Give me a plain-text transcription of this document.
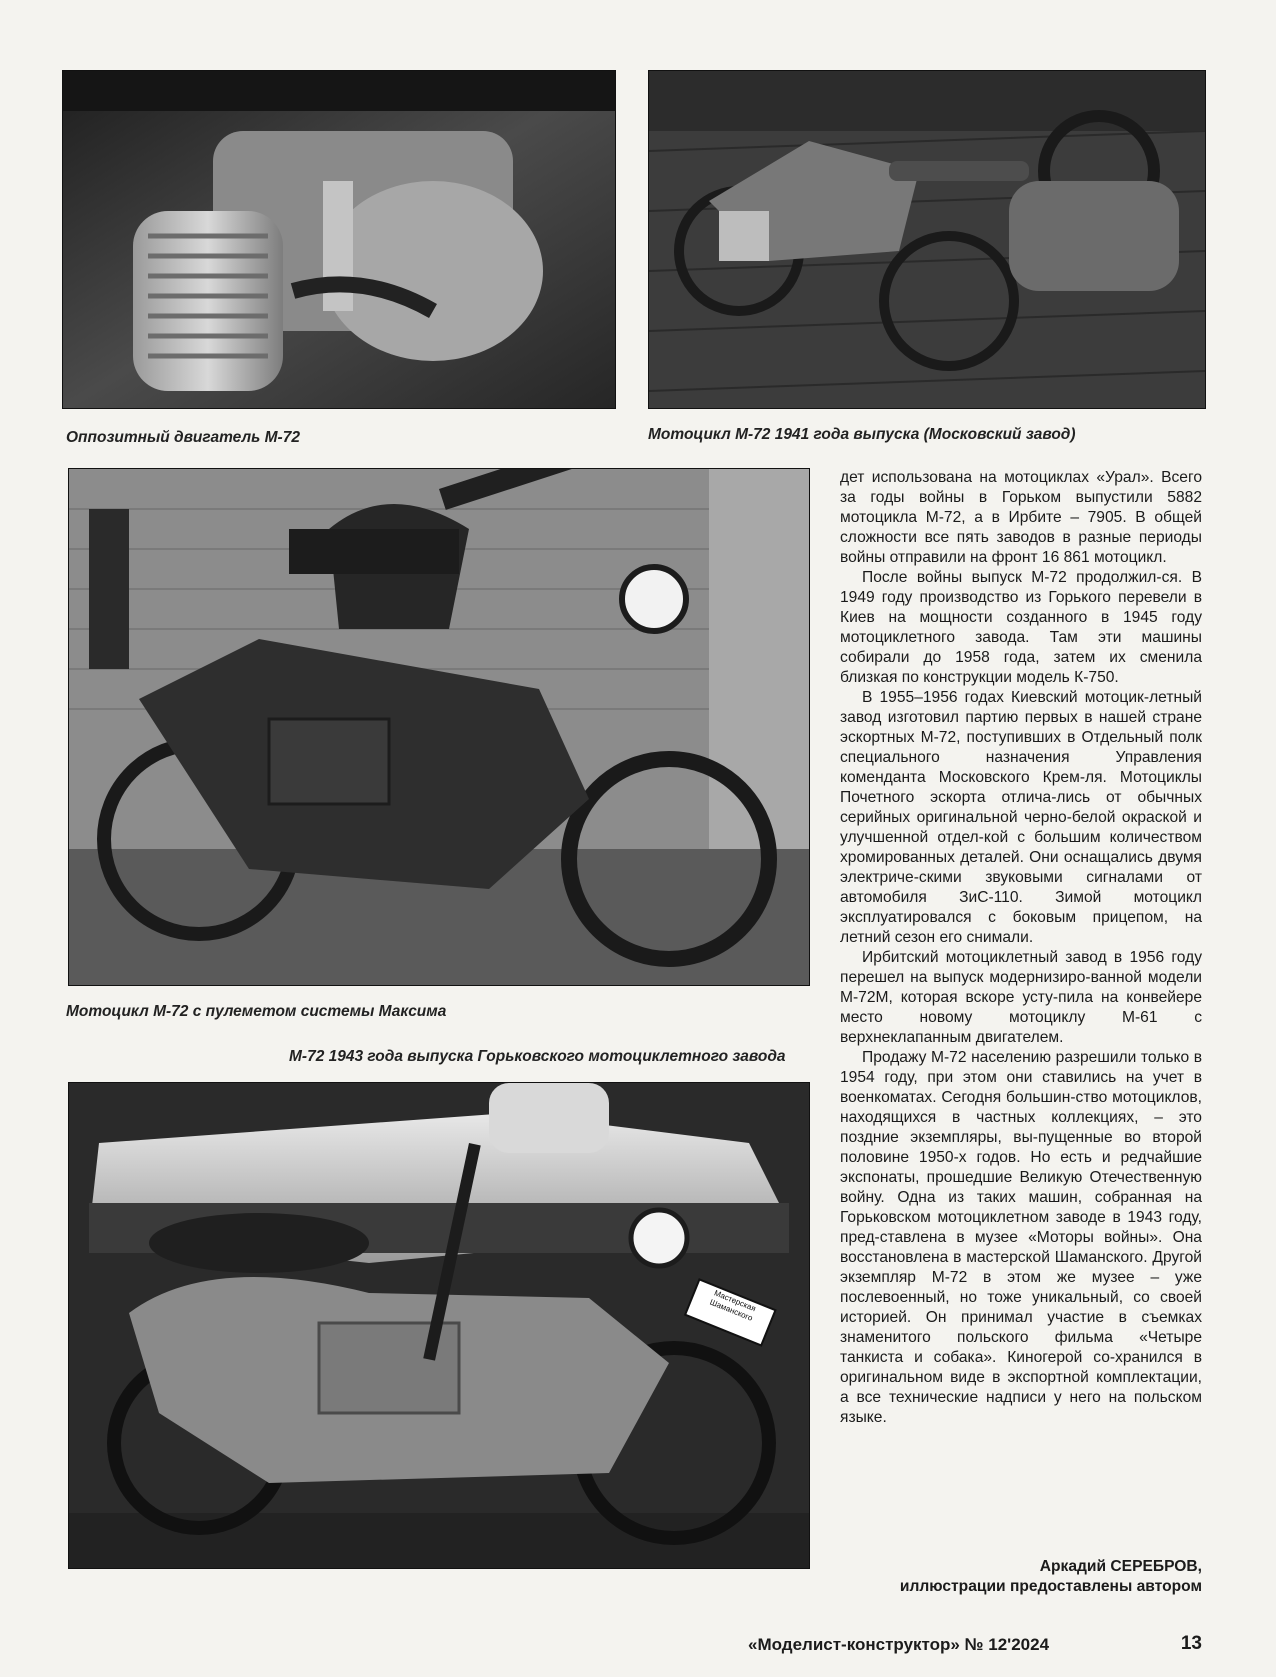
Оппозитный двигатель М-72	Мотоцикл М-72 1941 года выпуска (Московский завод)
Мотоцикл М-72 с пулеметом системы Максима
М-72 1943 года выпуска Горьковского мотоциклетного завода
Мастерская Шаманского

дет использована на мотоциклах «Урал». Всего за годы войны в Горьком выпустили 5882 мотоцикла М-72, а в Ирбите – 7905. В общей сложности все пять заводов в разные периоды войны отправили на фронт 16 861 мотоцикл.

После войны выпуск М-72 продолжил-ся. В 1949 году производство из Горького перевели в Киев на мощности созданного в 1945 году мотоциклетного завода. Там эти машины собирали до 1958 года, затем их сменила близкая по конструкции модель К-750.

В 1955–1956 годах Киевский мотоцик-летный завод изготовил партию первых в нашей стране эскортных М-72, поступивших в Отдельный полк специального назначения Управления коменданта Московского Крем-ля. Мотоциклы Почетного эскорта отлича-лись от обычных серийных оригинальной черно-белой окраской и улучшенной отдел-кой с большим количеством хромированных деталей. Они оснащались двумя электриче-скими звуковыми сигналами от автомобиля ЗиС-110. Зимой мотоцикл эксплуатировался с боковым прицепом, на летний сезон его снимали.

Ирбитский мотоциклетный завод в 1956 году перешел на выпуск модернизиро-ванной модели М-72М, которая вскоре усту-пила на конвейере место новому мотоциклу М-61 с верхнеклапанным двигателем.

Продажу М-72 населению разрешили только в 1954 году, при этом они ставились на учет в военкоматах. Сегодня большин-ство мотоциклов, находящихся в частных коллекциях, – это поздние экземпляры, вы-пущенные во второй половине 1950-х годов. Но есть и редчайшие экспонаты, прошедшие Великую Отечественную войну. Одна из таких машин, собранная на Горьковском мотоциклетном заводе в 1943 году, пред-ставлена в музее «Моторы войны». Она восстановлена в мастерской Шаманского. Другой экземпляр М-72 в этом же музее – уже послевоенный, но тоже уникальный, со своей историей. Он принимал участие в съемках знаменитого польского фильма «Четыре танкиста и собака». Киногерой со-хранился в оригинальном виде в экспортной комплектации, а все технические надписи у него на польском языке.

Аркадий СЕРЕБРОВ,
иллюстрации предоставлены автором
«Моделист-конструктор» № 12'2024	13
